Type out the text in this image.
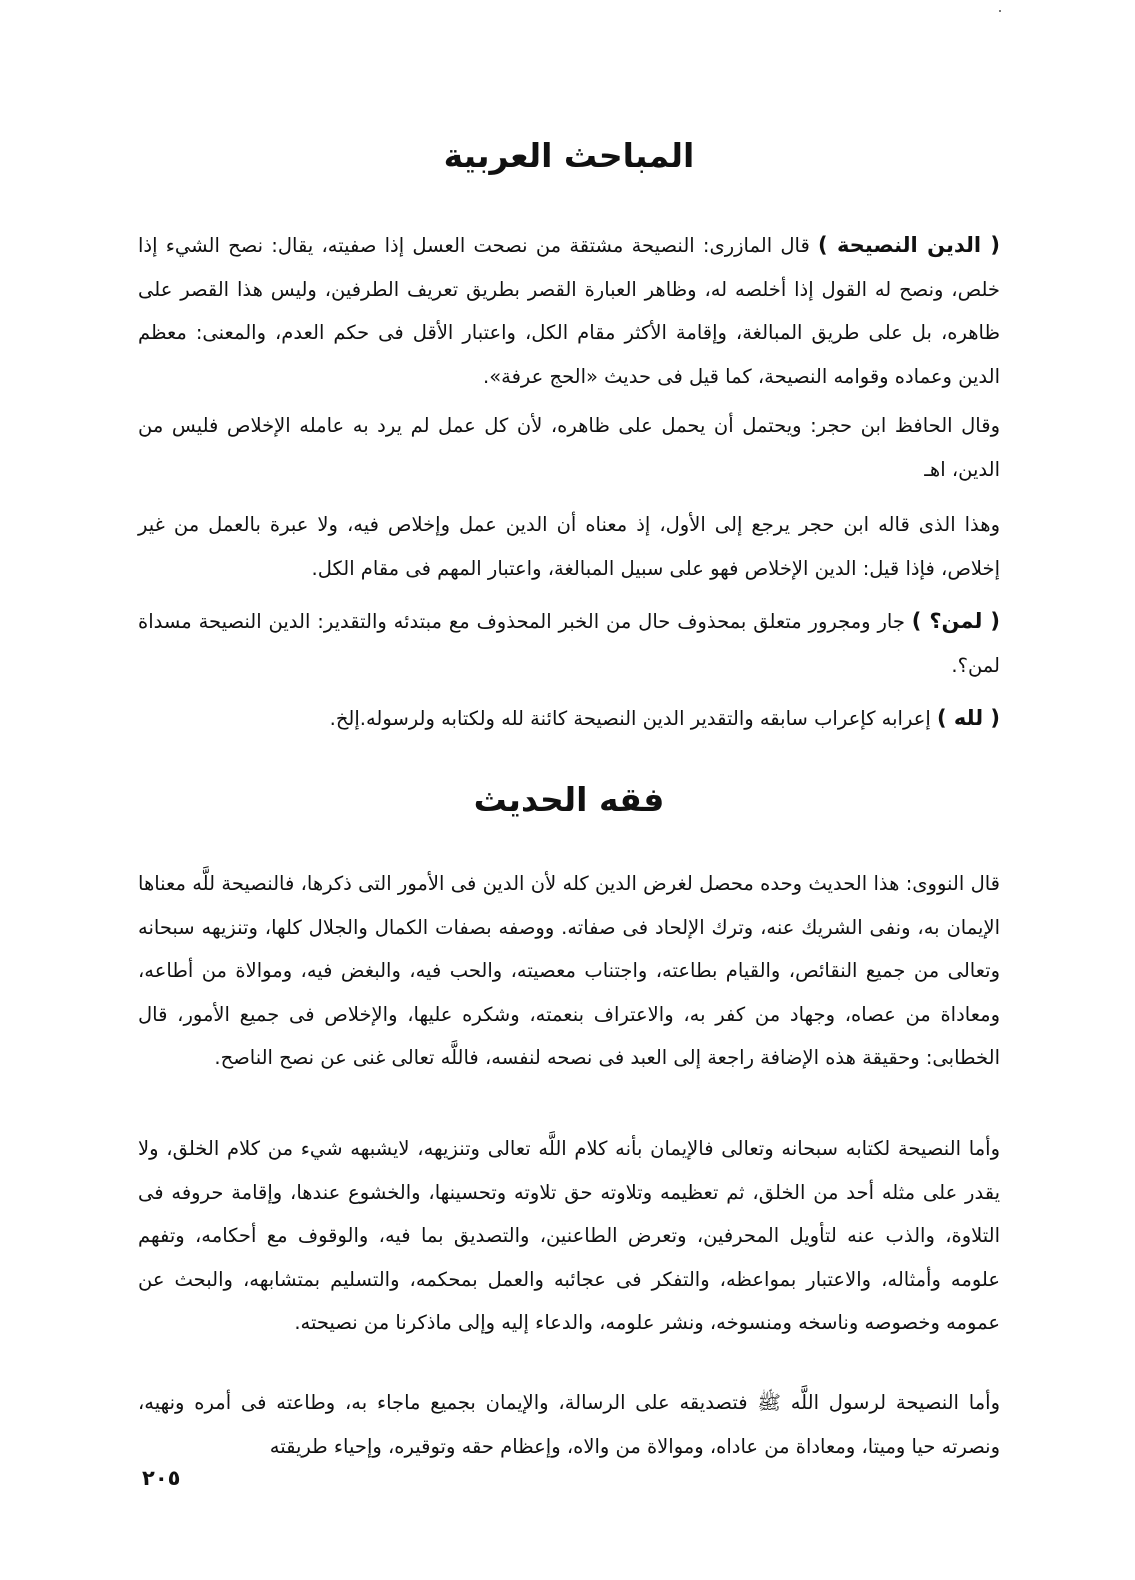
المباحث العربية

( الدين النصيحة ) قال المازرى: النصيحة مشتقة من نصحت العسل إذا صفيته، يقال: نصح الشيء إذا خلص، ونصح له القول إذا أخلصه له، وظاهر العبارة القصر بطريق تعريف الطرفين، وليس هذا القصر على ظاهره، بل على طريق المبالغة، وإقامة الأكثر مقام الكل، واعتبار الأقل فى حكم العدم، والمعنى: معظم الدين وعماده وقوامه النصيحة، كما قيل فى حديث «الحج عرفة».

وقال الحافظ ابن حجر: ويحتمل أن يحمل على ظاهره، لأن كل عمل لم يرد به عامله الإخلاص فليس من الدين، اهـ

وهذا الذى قاله ابن حجر يرجع إلى الأول، إذ معناه أن الدين عمل وإخلاص فيه، ولا عبرة بالعمل من غير إخلاص، فإذا قيل: الدين الإخلاص فهو على سبيل المبالغة، واعتبار المهم فى مقام الكل.

( لمن؟ ) جار ومجرور متعلق بمحذوف حال من الخبر المحذوف مع مبتدئه والتقدير: الدين النصيحة مسداة لمن؟.

( لله ) إعرابه كإعراب سابقه والتقدير الدين النصيحة كائنة لله ولكتابه ولرسوله.إلخ.

فقه الحديث

قال النووى: هذا الحديث وحده محصل لغرض الدين كله لأن الدين فى الأمور التى ذكرها، فالنصيحة للَّه معناها الإيمان به، ونفى الشريك عنه، وترك الإلحاد فى صفاته. ووصفه بصفات الكمال والجلال كلها، وتنزيهه سبحانه وتعالى من جميع النقائص، والقيام بطاعته، واجتناب معصيته، والحب فيه، والبغض فيه، وموالاة من أطاعه، ومعاداة من عصاه، وجهاد من كفر به، والاعتراف بنعمته، وشكره عليها، والإخلاص فى جميع الأمور، قال الخطابى: وحقيقة هذه الإضافة راجعة إلى العبد فى نصحه لنفسه، فاللَّه تعالى غنى عن نصح الناصح.

وأما النصيحة لكتابه سبحانه وتعالى فالإيمان بأنه كلام اللَّه تعالى وتنزيهه، لايشبهه شيء من كلام الخلق، ولا يقدر على مثله أحد من الخلق، ثم تعظيمه وتلاوته حق تلاوته وتحسينها، والخشوع عندها، وإقامة حروفه فى التلاوة، والذب عنه لتأويل المحرفين، وتعرض الطاعنين، والتصديق بما فيه، والوقوف مع أحكامه، وتفهم علومه وأمثاله، والاعتبار بمواعظه، والتفكر فى عجائبه والعمل بمحكمه، والتسليم بمتشابهه، والبحث عن عمومه وخصوصه وناسخه ومنسوخه، ونشر علومه، والدعاء إليه وإلى ماذكرنا من نصيحته.

وأما النصيحة لرسول اللَّه ﷺ فتصديقه على الرسالة، والإيمان بجميع ماجاء به، وطاعته فى أمره ونهيه، ونصرته حيا وميتا، ومعاداة من عاداه، وموالاة من والاه، وإعظام حقه وتوقيره، وإحياء طريقته

٢٠٥
